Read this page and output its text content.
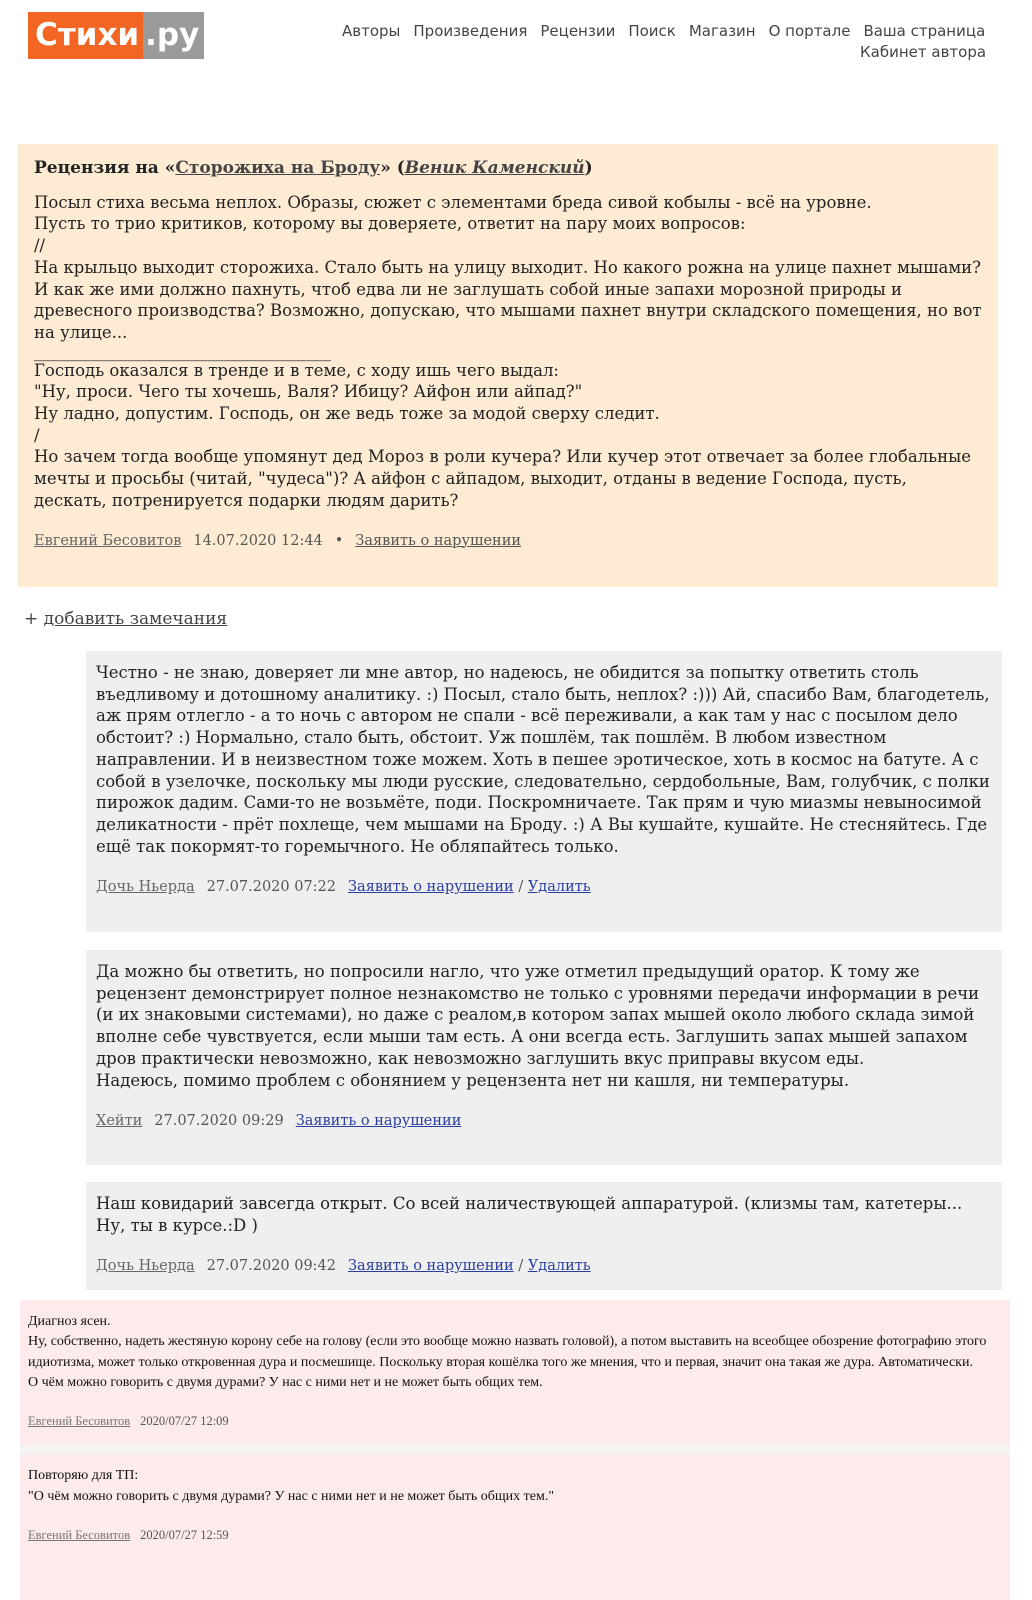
Стихи .ру	Авторы Произведения Рецензии Поиск Магазин О портале Ваша страница
Кабинет автора
Рецензия на «Сторожиха на Броду» (Веник Каменский)

Посыл стиха весьма неплох. Образы, сюжет с элементами бреда сивой кобылы - всё на уровне.

Пусть то трио критиков, которому вы доверяете, ответит на пару моих вопросов:

//

На крыльцо выходит сторожиха. Стало быть на улицу выходит. Но какого рожна на улице пахнет мышами? И как же ими должно пахнуть, чтоб едва ли не заглушать собой иные запахи морозной природы и древесного производства? Возможно, допускаю, что мышами пахнет внутри складского помещения, но вот на улице...

____________________________________

Господь оказался в тренде и в теме, с ходу ишь чего выдал:

"Ну, проси. Чего ты хочешь, Валя? Ибицу? Айфон или айпад?"

Ну ладно, допустим. Господь, он же ведь тоже за модой сверху следит.

/

Но зачем тогда вообще упомянут дед Мороз в роли кучера? Или кучер этот отвечает за более глобальные мечты и просьбы (читай, "чудеса")? А айфон с айпадом, выходит, отданы в ведение Господа, пусть, дескать, потренируется подарки людям дарить?

Евгений Бесовитов 14.07.2020 12:44 • Заявить о нарушении
+ добавить замечания

Честно - не знаю, доверяет ли мне автор, но надеюсь, не обидится за попытку ответить столь въедливому и дотошному аналитику. :) Посыл, стало быть, неплох? :))) Ай, спасибо Вам, благодетель, аж прям отлегло - а то ночь с автором не спали - всё переживали, а как там у нас с посылом дело обстоит? :) Нормально, стало быть, обстоит. Уж пошлём, так пошлём. В любом известном направлении. И в неизвестном тоже можем. Хоть в пешее эротическое, хоть в космос на батуте. А с собой в узелочке, поскольку мы люди русские, следовательно, сердобольные, Вам, голубчик, с полки пирожок дадим. Сами-то не возьмёте, поди. Поскромничаете. Так прям и чую миазмы невыносимой деликатности - прёт похлеще, чем мышами на Броду. :) А Вы кушайте, кушайте. Не стесняйтесь. Где ещё так покормят-то горемычного. Не обляпайтесь только.

Дочь Ньерда 27.07.2020 07:22 Заявить о нарушении / Удалить

Да можно бы ответить, но попросили нагло, что уже отметил предыдущий оратор. К тому же рецензент демонстрирует полное незнакомство не только с уровнями передачи информации в речи (и их знаковыми системами), но даже с реалом,в котором запах мышей около любого склада зимой вполне себе чувствуется, если мыши там есть. А они всегда есть. Заглушить запах мышей запахом дров практически невозможно, как невозможно заглушить вкус приправы вкусом еды.

Надеюсь, помимо проблем с обонянием у рецензента нет ни кашля, ни температуры.

Хейти 27.07.2020 09:29 Заявить о нарушении

Наш ковидарий завсегда открыт. Со всей наличествующей аппаратурой. (клизмы там, катетеры... Ну, ты в курсе.:D )

Дочь Ньерда 27.07.2020 09:42 Заявить о нарушении / Удалить

Диагноз ясен.

Ну, собственно, надеть жестяную корону себе на голову (если это вообще можно назвать головой), а потом выставить на всеобщее обозрение фотографию этого идиотизма, может только откровенная дура и посмешище. Поскольку вторая кошёлка того же мнения, что и первая, значит она такая же дура. Автоматически.

О чём можно говорить с двумя дурами? У нас с ними нет и не может быть общих тем.

Евгений Бесовитов 2020/07/27 12:09

Повторяю для ТП:

"О чём можно говорить с двумя дурами? У нас с ними нет и не может быть общих тем."

Евгений Бесовитов 2020/07/27 12:59
